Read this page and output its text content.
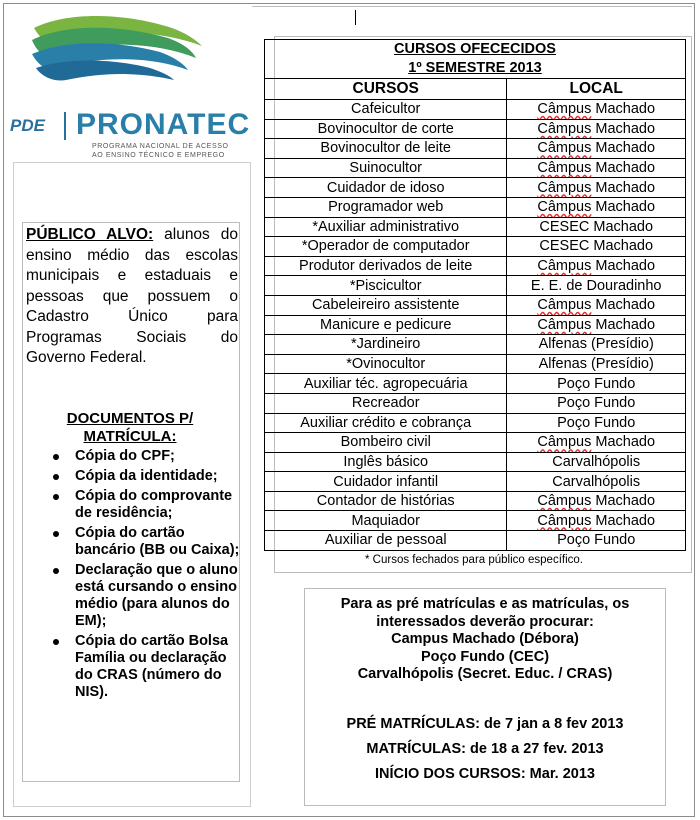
PDE PRONATEC
PROGRAMA NACIONAL DE ACESSO
AO ENSINO TÉCNICO E EMPREGO
PÚBLICO ALVO: alunos do ensino médio das escolas municipais e estaduais e pessoas que possuem o Cadastro Único para Programas Sociais do Governo Federal.
DOCUMENTOS P/
MATRÍCULA:
Cópia do CPF;
Cópia da identidade;
Cópia do comprovante de residência;
Cópia do cartão bancário (BB ou Caixa);
Declaração que o aluno está cursando o ensino médio (para alunos do EM);
Cópia do cartão Bolsa Família ou declaração do CRAS (número do NIS).
CURSOS OFECECIDOS
1º SEMESTRE 2013	

CURSOS	LOCAL
Cafeicultor	Câmpus Machado
Bovinocultor de corte	Câmpus Machado
Bovinocultor de leite	Câmpus Machado
Suinocultor	Câmpus Machado
Cuidador de idoso	Câmpus Machado
Programador web	Câmpus Machado
*Auxiliar administrativo	CESEC Machado
*Operador de computador	CESEC Machado
Produtor derivados de leite	Câmpus Machado
*Piscicultor	E. E. de Douradinho
Cabeleireiro assistente	Câmpus Machado
Manicure e pedicure	Câmpus Machado
*Jardineiro	Alfenas (Presídio)
*Ovinocultor	Alfenas (Presídio)
Auxiliar téc. agropecuária	Poço Fundo
Recreador	Poço Fundo
Auxiliar crédito e cobrança	Poço Fundo
Bombeiro civil	Câmpus Machado
Inglês básico	Carvalhópolis
Cuidador infantil	Carvalhópolis
Contador de histórias	Câmpus Machado
Maquiador	Câmpus Machado
Auxiliar de pessoal	Poço Fundo
* Cursos fechados para público específico.

Para as pré matrículas e as matrículas, os

interessados deverão procurar:

Campus Machado (Débora)

Poço Fundo (CEC)

Carvalhópolis (Secret. Educ. / CRAS)

PRÉ MATRÍCULAS: de 7 jan a 8 fev 2013

MATRÍCULAS: de 18 a 27 fev. 2013

INÍCIO DOS CURSOS: Mar. 2013
